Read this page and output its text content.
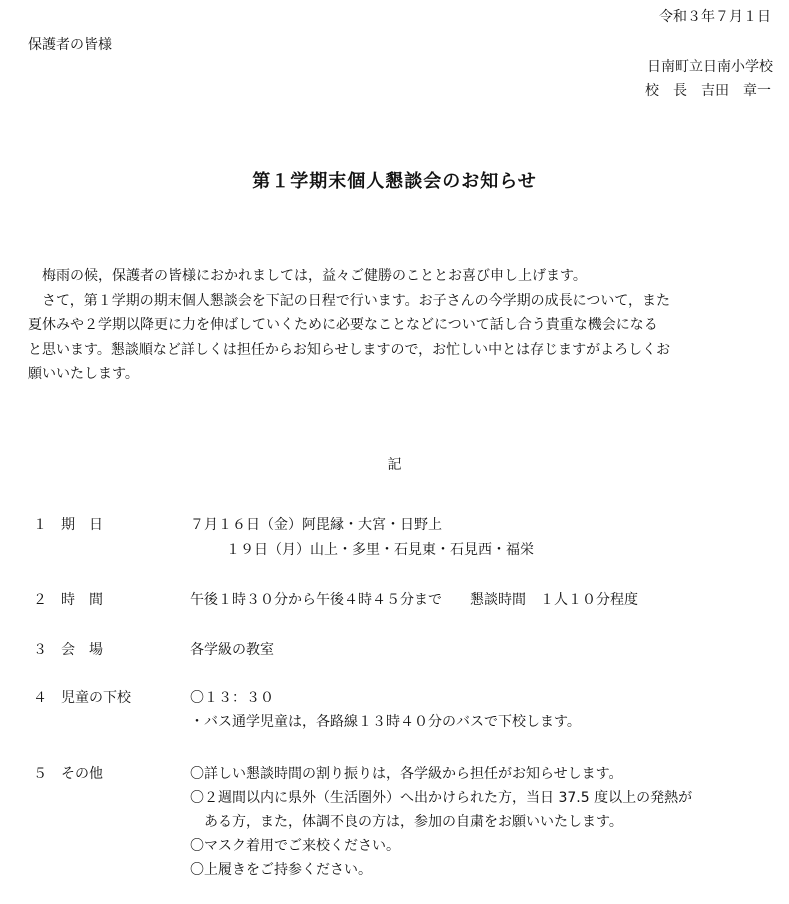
令和３年７月１日
保護者の皆様
日南町立日南小学校
校　長　吉田　章一
第１学期末個人懇談会のお知らせ

　梅雨の候，保護者の皆様におかれましては，益々ご健勝のこととお喜び申し上げます。

　さて，第１学期の期末個人懇談会を下記の日程で行います。お子さんの今学期の成長について，また

夏休みや２学期以降更に力を伸ばしていくために必要なことなどについて話し合う貴重な機会になる

と思います。懇談順など詳しくは担任からお知らせしますので，お忙しい中とは存じますがよろしくお

願いいたします。

記
１　期　日	７月１６日（金）阿毘縁・大宮・日野上
　１９日（月）山上・多里・石見東・石見西・福栄
２　時　間	午後１時３０分から午後４時４５分まで　　懇談時間　１人１０分程度
３　会　場	各学級の教室
４　児童の下校	〇１３：３０
・バス通学児童は，各路線１３時４０分のバスで下校します。
５　その他	〇詳しい懇談時間の割り振りは，各学級から担任がお知らせします。
〇２週間以内に県外（生活圏外）へ出かけられた方，当日 37.5 度以上の発熱が
　ある方，また，体調不良の方は，参加の自粛をお願いいたします。
〇マスク着用でご来校ください。
〇上履きをご持参ください。
